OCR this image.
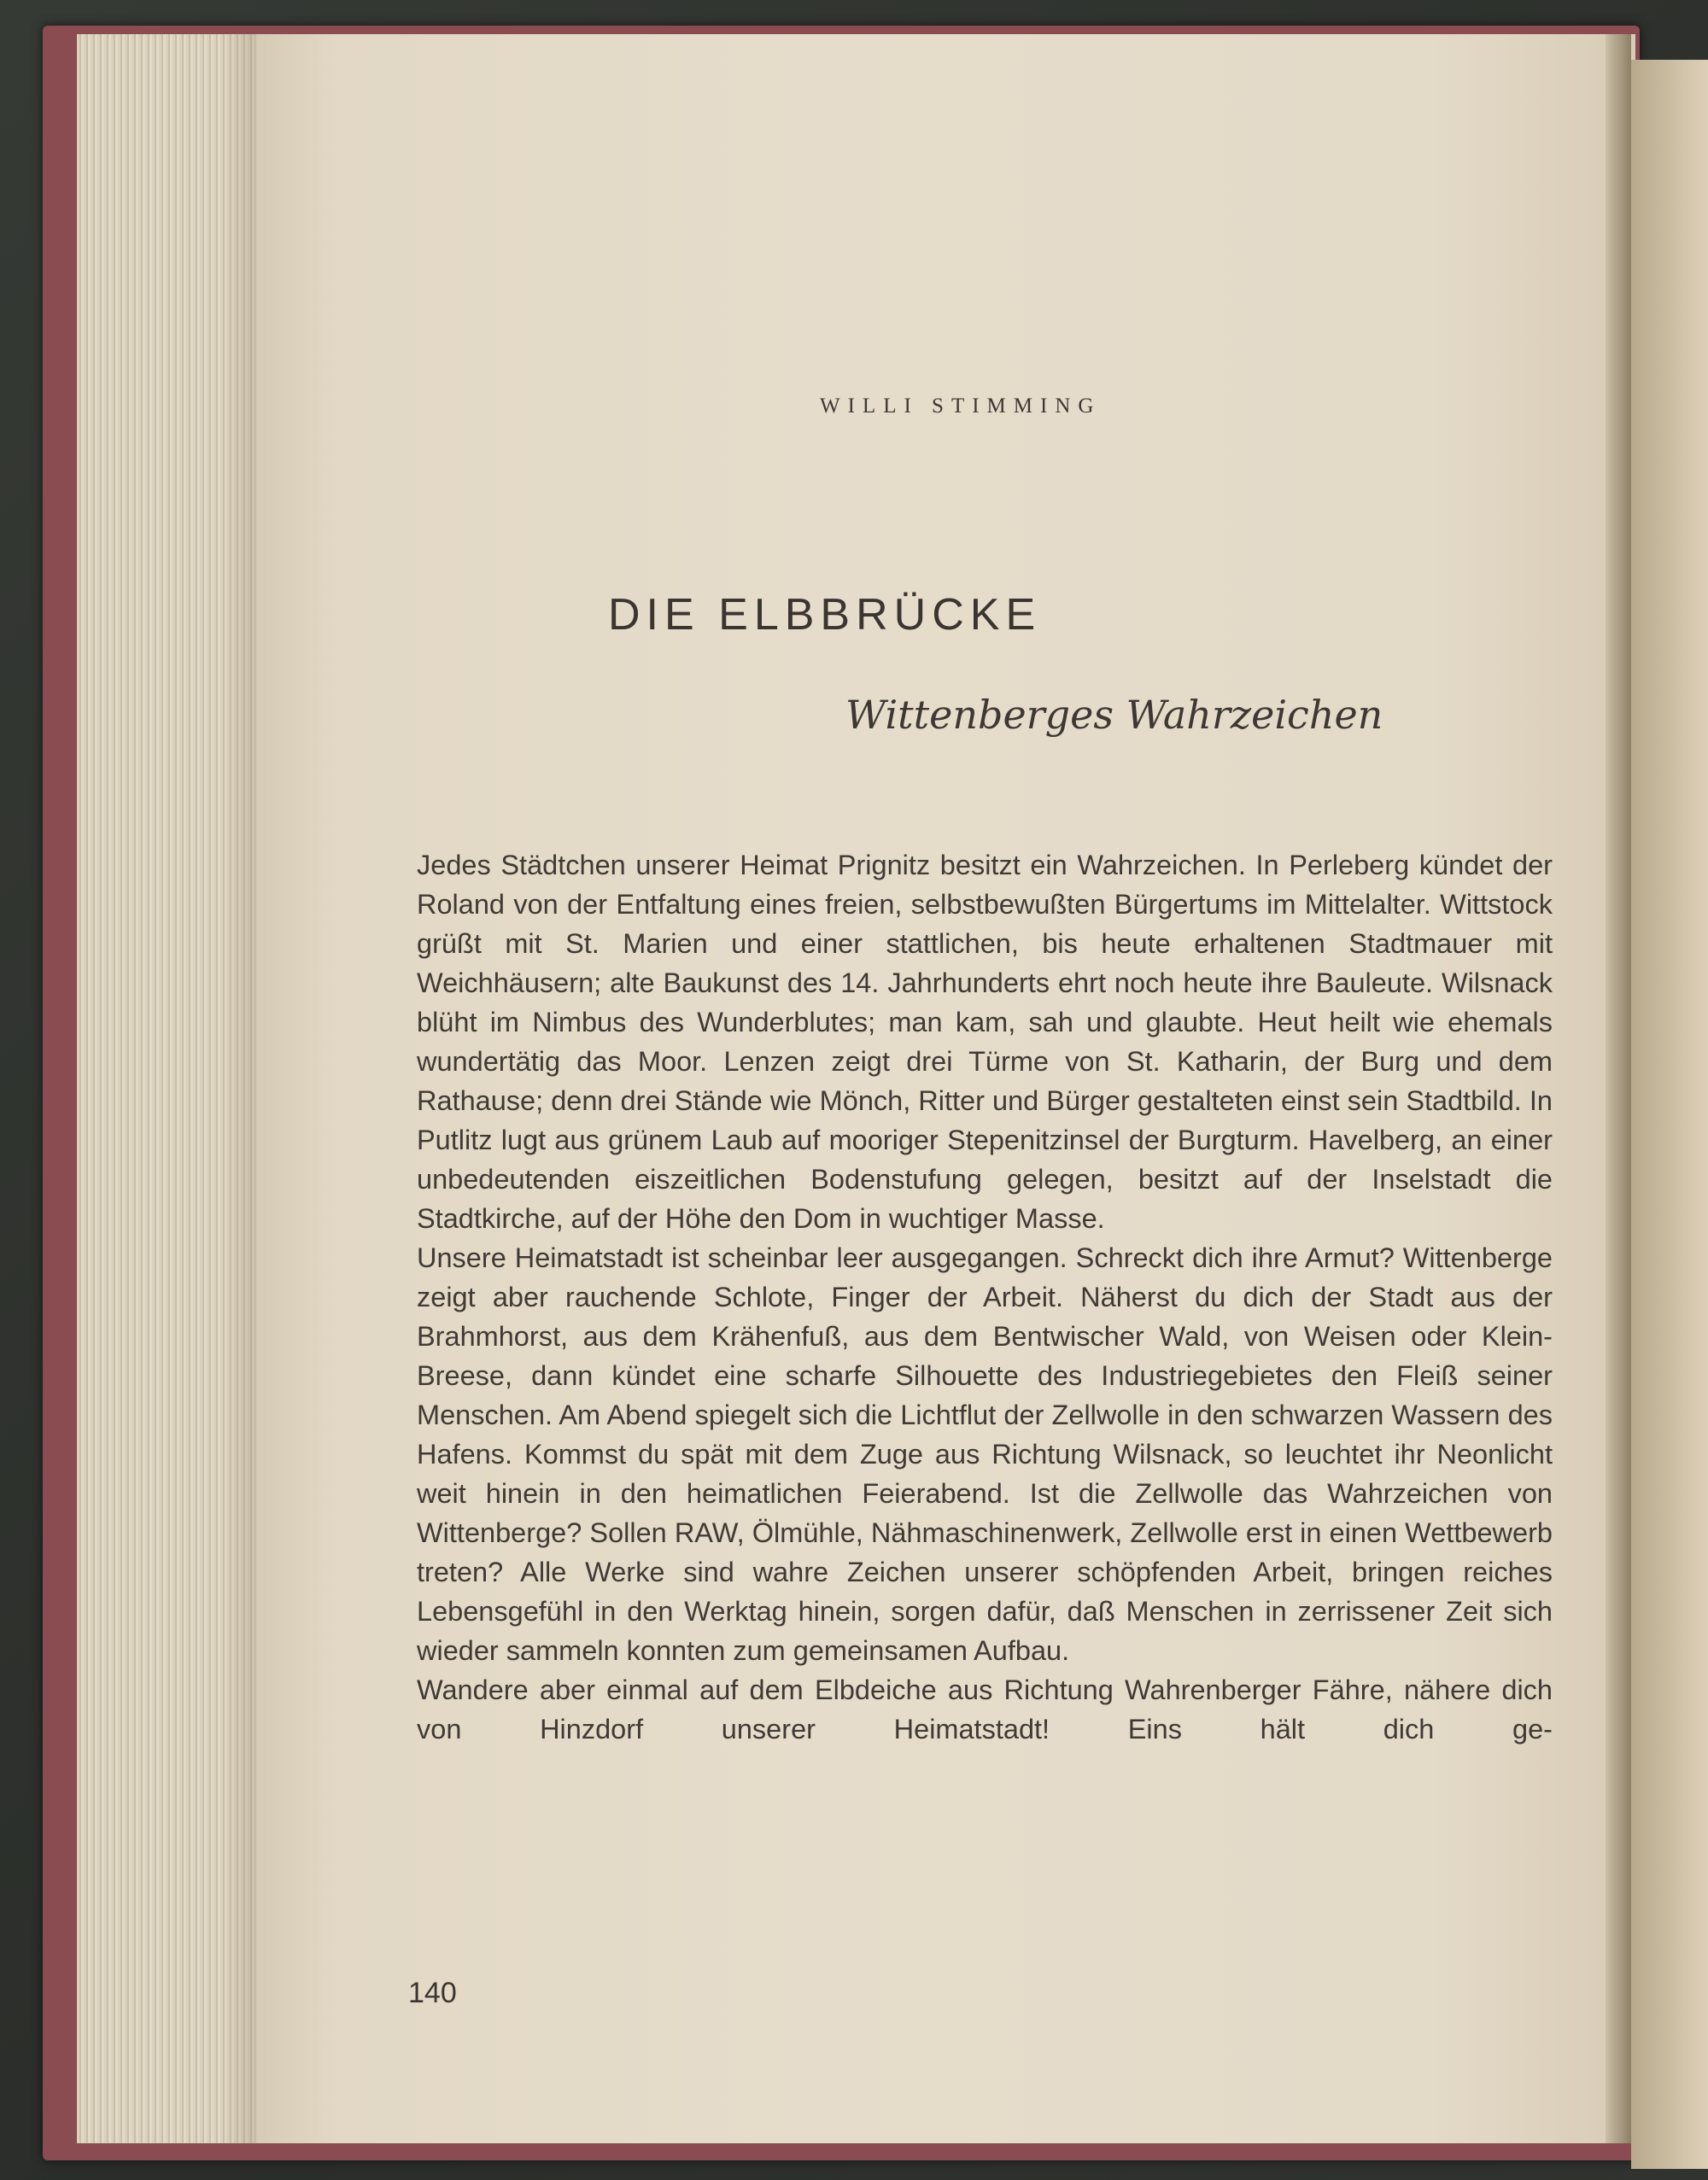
WILLI STIMMING
DIE ELBBRÜCKE
Wittenberges Wahrzeichen

Jedes Städtchen unserer Heimat Prignitz besitzt ein Wahrzeichen. In Perleberg kündet der Roland von der Entfaltung eines freien, selbstbewußten Bürgertums im Mittelalter. Wittstock grüßt mit St. Marien und einer stattlichen, bis heute erhaltenen Stadtmauer mit Weichhäusern; alte Baukunst des 14. Jahrhunderts ehrt noch heute ihre Bauleute. Wilsnack blüht im Nimbus des Wunderblutes; man kam, sah und glaubte. Heut heilt wie ehemals wundertätig das Moor. Lenzen zeigt drei Türme von St. Katharin, der Burg und dem Rathause; denn drei Stände wie Mönch, Ritter und Bürger gestalteten einst sein Stadtbild. In Putlitz lugt aus grünem Laub auf mooriger Stepenitzinsel der Burgturm. Havelberg, an einer unbedeutenden eiszeitlichen Bodenstufung gelegen, besitzt auf der Inselstadt die Stadtkirche, auf der Höhe den Dom in wuchtiger Masse.

Unsere Heimatstadt ist scheinbar leer ausgegangen. Schreckt dich ihre Armut? Wittenberge zeigt aber rauchende Schlote, Finger der Arbeit. Näherst du dich der Stadt aus der Brahmhorst, aus dem Krähenfuß, aus dem Bentwischer Wald, von Weisen oder Klein-Breese, dann kündet eine scharfe Silhouette des Industriegebietes den Fleiß seiner Menschen. Am Abend spiegelt sich die Lichtflut der Zellwolle in den schwarzen Wassern des Hafens. Kommst du spät mit dem Zuge aus Richtung Wilsnack, so leuchtet ihr Neonlicht weit hinein in den heimatlichen Feierabend. Ist die Zellwolle das Wahrzeichen von Wittenberge? Sollen RAW, Ölmühle, Nähmaschinenwerk, Zellwolle erst in einen Wettbewerb treten? Alle Werke sind wahre Zeichen unserer schöpfenden Arbeit, bringen reiches Lebensgefühl in den Werktag hinein, sorgen dafür, daß Menschen in zerrissener Zeit sich wieder sammeln konnten zum gemeinsamen Aufbau.

Wandere aber einmal auf dem Elbdeiche aus Richtung Wahrenberger Fähre, nähere dich von Hinzdorf unserer Heimatstadt! Eins hält dich ge-

140
